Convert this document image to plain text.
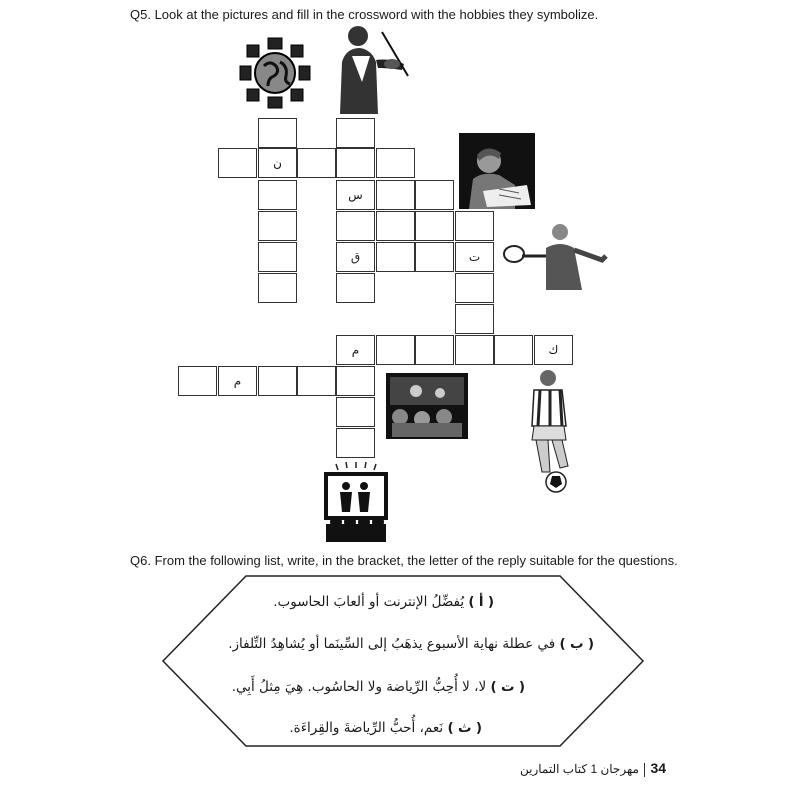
Q5. Look at the pictures and fill in the crossword with the hobbies they symbolize.
ن
س
ق	ت
م	ك
م
Q6. From the following list, write, in the bracket, the letter of the reply suitable for the questions.
( أ ) يُفضِّلُ الإنترنت أو ألعابَ الحاسوب.
( ب ) في عطلة نهاية الأسبوع يذهَبُ إلى السِّينَما أو يُشاهِدُ التِّلفاز.
( ت ) لا، لا أُحِبُّ الرِّياضة ولا الحاسُوب. هِيَ مِثلُ أَبِي.
( ث ) نَعم، أُحبُّ الرِّياضةَ والقِراءَة.
مهرجان 1 كتاب التمارين 34
